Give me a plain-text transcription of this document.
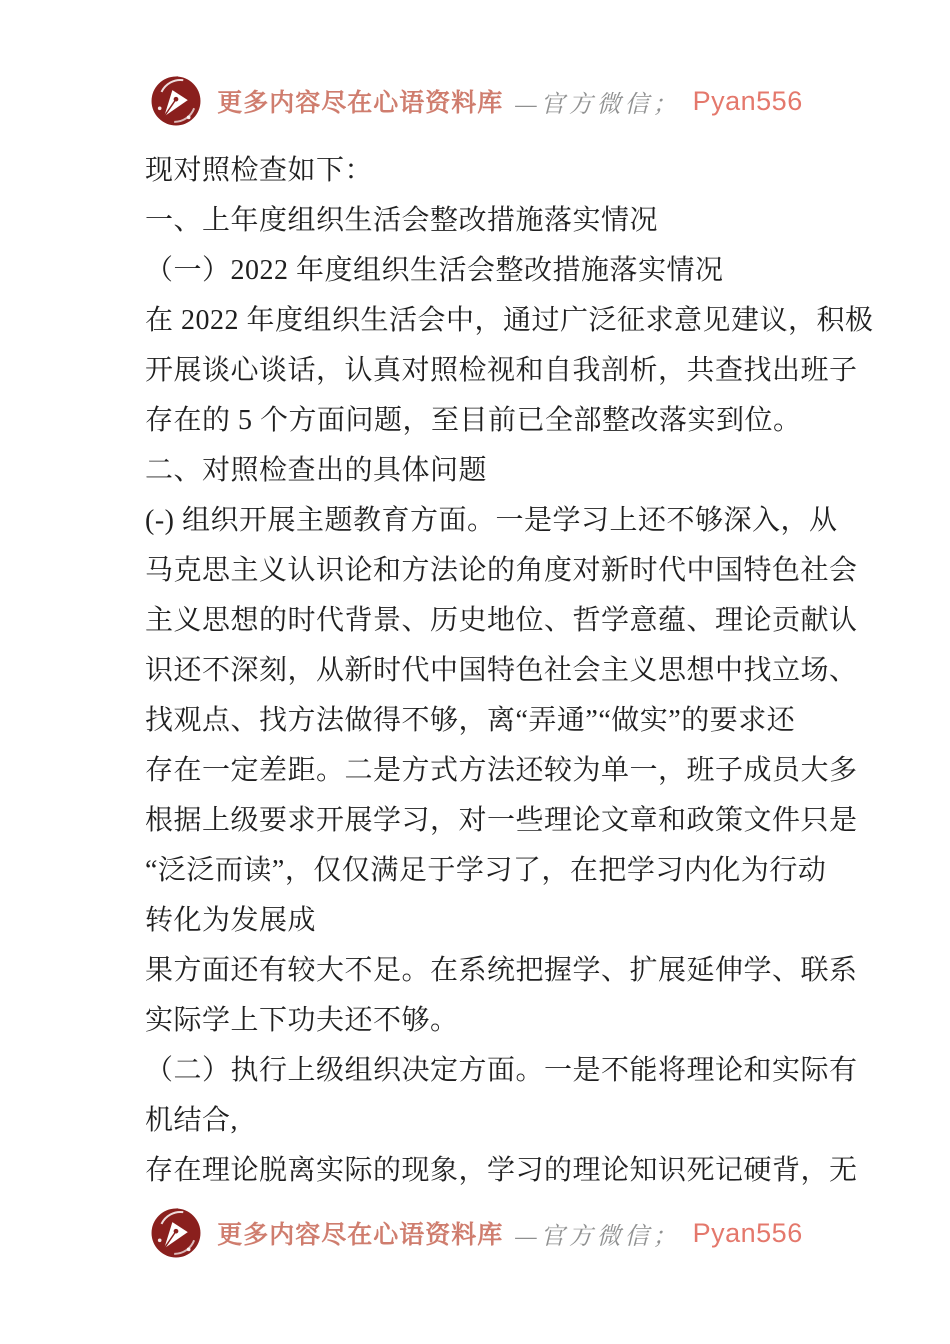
更多内容尽在心语资料库 —官方微信； Pyan556
现对照检查如下：
一、上年度组织生活会整改措施落实情况
（一）2022 年度组织生活会整改措施落实情况
在 2022 年度组织生活会中，通过广泛征求意见建议，积极
开展谈心谈话，认真对照检视和自我剖析，共查找出班子
存在的 5 个方面问题，至目前已全部整改落实到位。
二、对照检查出的具体问题
(-) 组织开展主题教育方面。一是学习上还不够深入，从
马克思主义认识论和方法论的角度对新时代中国特色社会
主义思想的时代背景、历史地位、哲学意蕴、理论贡献认
识还不深刻，从新时代中国特色社会主义思想中找立场、
找观点、找方法做得不够，离“弄通”“做实”的要求还
存在一定差距。二是方式方法还较为单一，班子成员大多
根据上级要求开展学习，对一些理论文章和政策文件只是
“泛泛而读”，仅仅满足于学习了，在把学习内化为行动
转化为发展成
果方面还有较大不足。在系统把握学、扩展延伸学、联系
实际学上下功夫还不够。
（二）执行上级组织决定方面。一是不能将理论和实际有
机结合,
存在理论脱离实际的现象，学习的理论知识死记硬背，无
更多内容尽在心语资料库 —官方微信； Pyan556
